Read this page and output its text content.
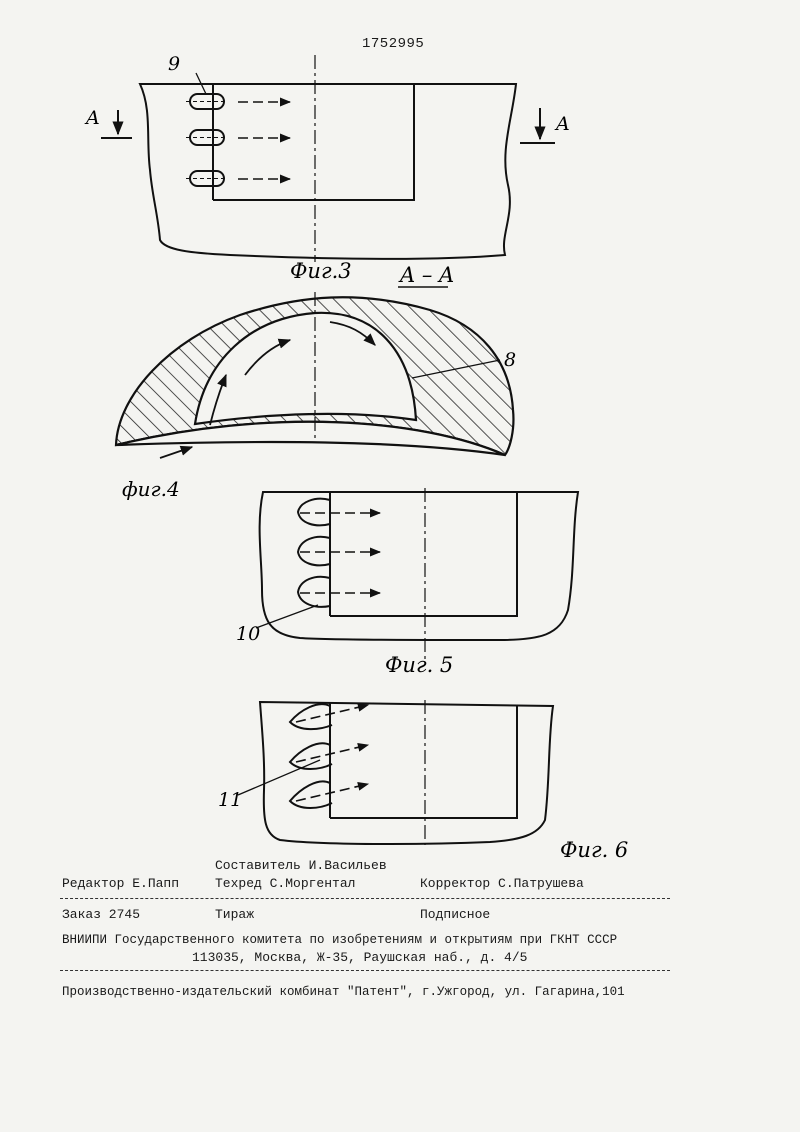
1752995
9
A	A
Фиг.3 A – A
8
фиг.4
10
Фиг. 5
11
Фиг. 6
Составитель И.Васильев
Редактор Е.Папп	Техред С.Моргентал	Корректор С.Патрушева
Заказ 2745	Тираж	Подписное
ВНИИПИ Государственного комитета по изобретениям и открытиям при ГКНТ СССР
113035, Москва, Ж-35, Раушская наб., д. 4/5
Производственно-издательский комбинат "Патент", г.Ужгород, ул. Гагарина,101
